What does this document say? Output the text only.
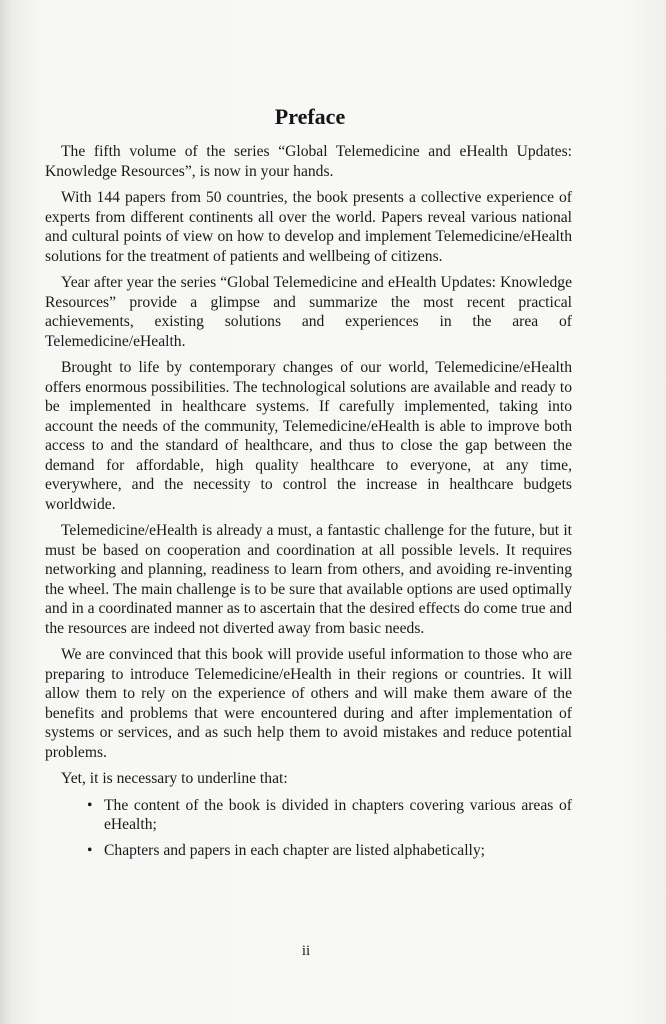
Preface

The fifth volume of the series “Global Telemedicine and eHealth Updates: Knowledge Resources”, is now in your hands.

With 144 papers from 50 countries, the book presents a collective experience of experts from different continents all over the world. Papers reveal various national and cultural points of view on how to develop and implement Telemedicine/eHealth solutions for the treatment of patients and wellbeing of citizens.

Year after year the series “Global Telemedicine and eHealth Updates: Knowledge Resources” provide a glimpse and summarize the most recent practical achievements, existing solutions and experiences in the area of Telemedicine/eHealth.

Brought to life by contemporary changes of our world, Telemedicine/eHealth offers enormous possibilities. The technological solutions are available and ready to be implemented in healthcare systems. If carefully implemented, taking into account the needs of the community, Telemedicine/eHealth is able to improve both access to and the standard of healthcare, and thus to close the gap between the demand for affordable, high quality healthcare to everyone, at any time, everywhere, and the necessity to control the increase in healthcare budgets worldwide.

Telemedicine/eHealth is already a must, a fantastic challenge for the future, but it must be based on cooperation and coordination at all possible levels. It requires networking and planning, readiness to learn from others, and avoiding re-inventing the wheel. The main challenge is to be sure that available options are used optimally and in a coordinated manner as to ascertain that the desired effects do come true and the resources are indeed not diverted away from basic needs.

We are convinced that this book will provide useful information to those who are preparing to introduce Telemedicine/eHealth in their regions or countries. It will allow them to rely on the experience of others and will make them aware of the benefits and problems that were encountered during and after implementation of systems or services, and as such help them to avoid mistakes and reduce potential problems.

Yet, it is necessary to underline that:

• The content of the book is divided in chapters covering various areas of eHealth;
• Chapters and papers in each chapter are listed alphabetically;
ii
